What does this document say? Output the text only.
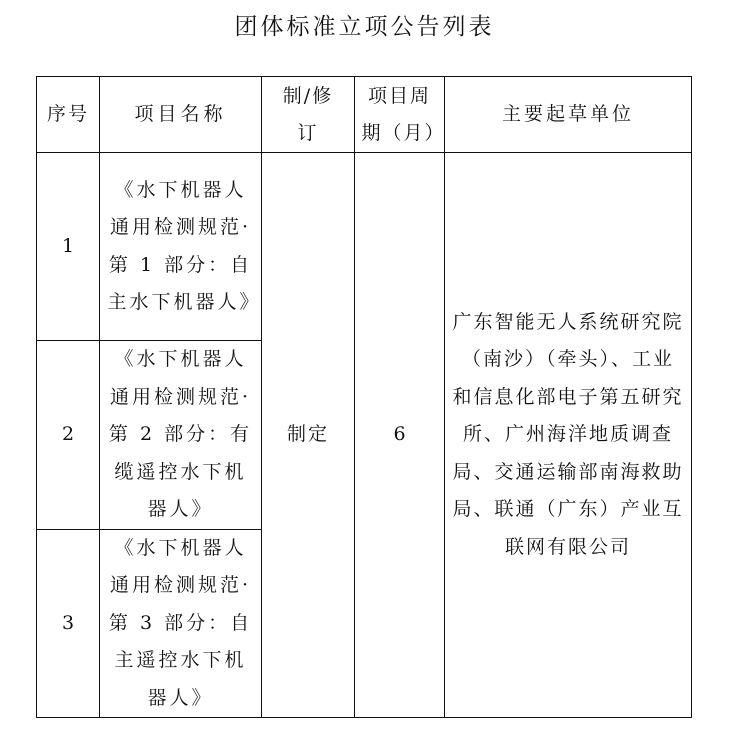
团体标准立项公告列表
序号	项目名称	制/修订	项目周期（月）	主要起草单位
1	《水下机器人通用检测规范·第 1 部分：自主水下机器人》	制定	6	广东智能无人系统研究院（南沙）（牵头）、工业和信息化部电子第五研究所、广州海洋地质调查局、交通运输部南海救助局、联通（广东）产业互联网有限公司
2	《水下机器人通用检测规范·第 2 部分：有缆遥控水下机器人》			
3	《水下机器人通用检测规范·第 3 部分：自主遥控水下机器人》			
